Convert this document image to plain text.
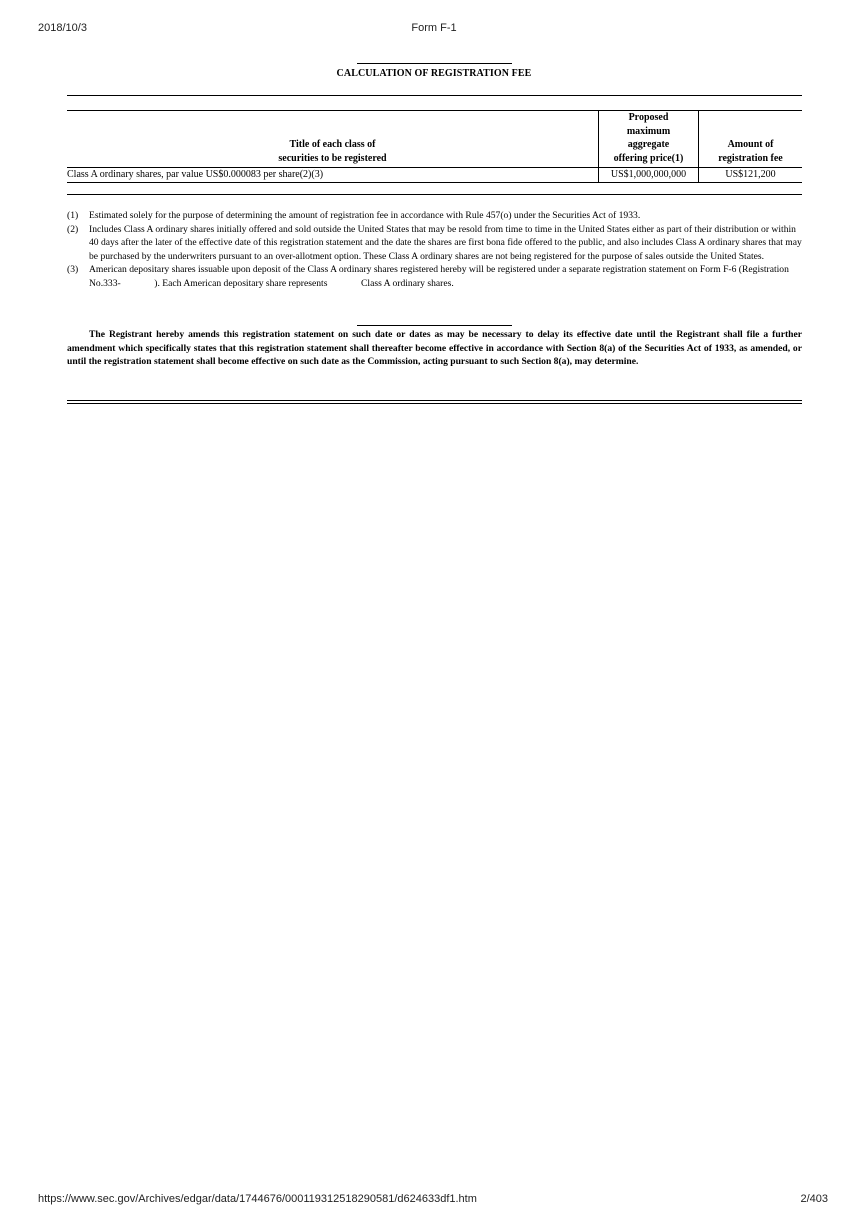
2018/10/3	Form F-1
CALCULATION OF REGISTRATION FEE
Title of each class of
securities to be registered	Proposed
maximum
aggregate
offering price(1)	Amount of
registration fee
Class A ordinary shares, par value US$0.000083 per share(2)(3)	US$1,000,000,000	US$121,200
(1)	Estimated solely for the purpose of determining the amount of registration fee in accordance with Rule 457(o) under the Securities Act of 1933.
(2)	Includes Class A ordinary shares initially offered and sold outside the United States that may be resold from time to time in the United States either as part of their distribution or within 40 days after the later of the effective date of this registration statement and the date the shares are first bona fide offered to the public, and also includes Class A ordinary shares that may be purchased by the underwriters pursuant to an over-allotment option. These Class A ordinary shares are not being registered for the purpose of sales outside the United States.
(3)	American depositary shares issuable upon deposit of the Class A ordinary shares registered hereby will be registered under a separate registration statement on Form F-6 (Registration No.333-              ). Each American depositary share represents              Class A ordinary shares.
The Registrant hereby amends this registration statement on such date or dates as may be necessary to delay its effective date until the Registrant shall file a further amendment which specifically states that this registration statement shall thereafter become effective in accordance with Section 8(a) of the Securities Act of 1933, as amended, or until the registration statement shall become effective on such date as the Commission, acting pursuant to such Section 8(a), may determine.
https://www.sec.gov/Archives/edgar/data/1744676/000119312518290581/d624633df1.htm	2/403
